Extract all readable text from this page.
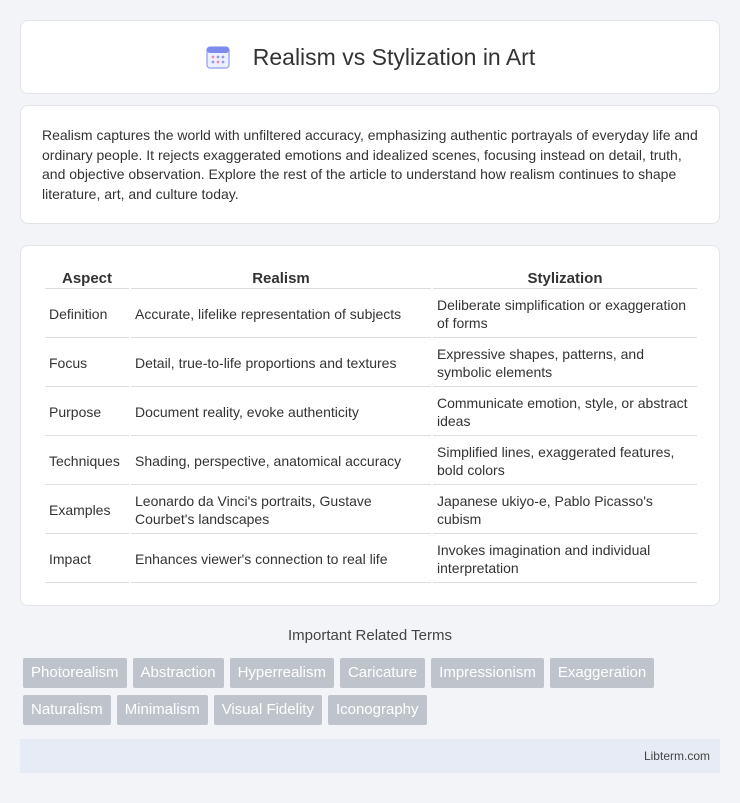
Realism vs Stylization in Art

Realism captures the world with unfiltered accuracy, emphasizing authentic portrayals of everyday life and ordinary people. It rejects exaggerated emotions and idealized scenes, focusing instead on detail, truth, and objective observation. Explore the rest of the article to understand how realism continues to shape literature, art, and culture today.

Aspect	Realism	Stylization
Definition	Accurate, lifelike representation of subjects	Deliberate simplification or exaggeration of forms
Focus	Detail, true-to-life proportions and textures	Expressive shapes, patterns, and symbolic elements
Purpose	Document reality, evoke authenticity	Communicate emotion, style, or abstract ideas
Techniques	Shading, perspective, anatomical accuracy	Simplified lines, exaggerated features, bold colors
Examples	Leonardo da Vinci's portraits, Gustave Courbet's landscapes	Japanese ukiyo-e, Pablo Picasso's cubism
Impact	Enhances viewer's connection to real life	Invokes imagination and individual interpretation
Important Related Terms
Photorealism	Abstraction	Hyperrealism	Caricature	Impressionism	Exaggeration
Naturalism	Minimalism	Visual Fidelity	Iconography
Libterm.com
